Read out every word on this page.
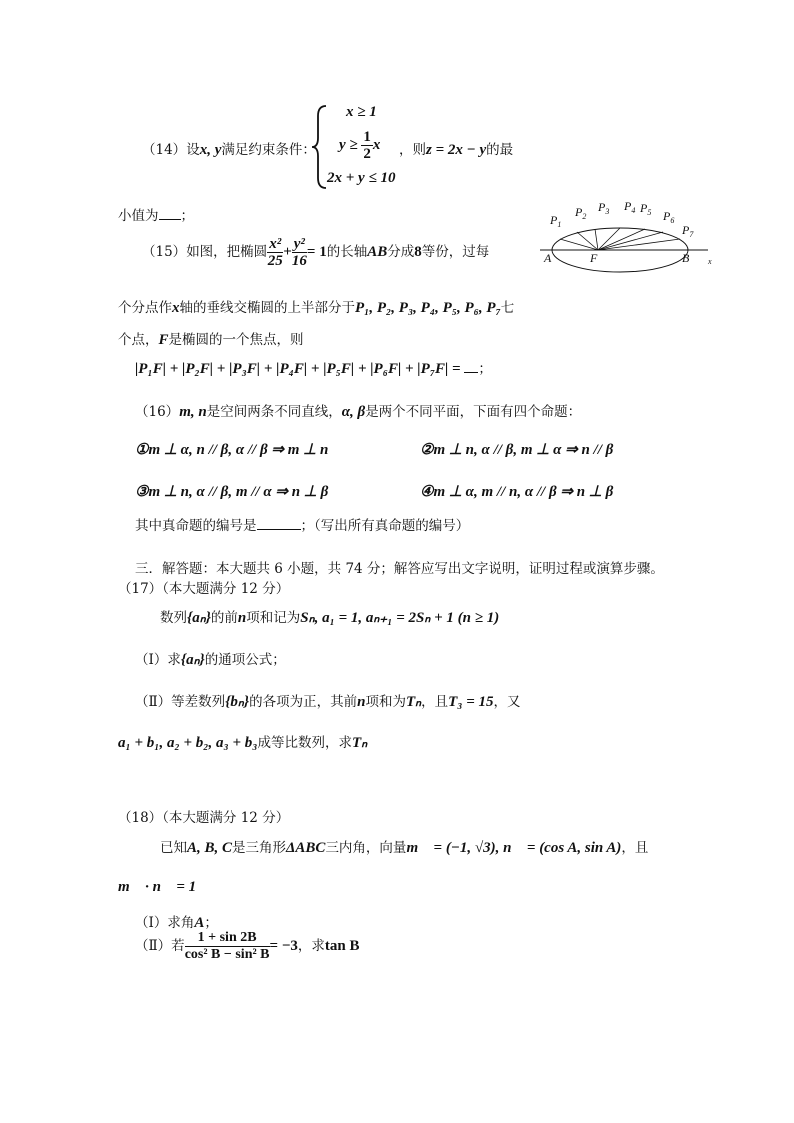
（14）设x, y满足约束条件：
x ≥ 1
$y \ge \frac{1}{2}$ x
2x + y ≤ 10
，则z = 2x − y的最
小值为 ；
（15）如图，把椭圆 $\frac{\text{x²}}{25} + \frac{\text{y²}}{16} = 1$的长轴AB分成8等份，过每
个分点作x轴的垂线交椭圆的上半部分于P₁, P₂, P₃, P₄, P₅, P₆, P₇七
个点，F是椭圆的一个焦点，则
|P₁F| + |P₂F| + |P₃F| + |P₄F| + |P₅F| + |P₆F| + |P₇F| = ；
$P_1$
$P_2$
$P_3$ $P_4$ $P_5$ $P_6$
$P_7$
A	F	B x
（16）m, n是空间两条不同直线，α, β是两个不同平面，下面有四个命题：
①m ⊥ α, n // β, α // β ⇒ m ⊥ n	②m ⊥ n, α // β, m ⊥ α ⇒ n // β
③m ⊥ n, α // β, m // α ⇒ n ⊥ β	④m ⊥ α, m // n, α // β ⇒ n ⊥ β
其中真命题的编号是	；（写出所有真命题的编号）
三．解答题：本大题共 6 小题，共 74 分；解答应写出文字说明，证明过程或演算步骤。
（17）（本大题满分 12 分）
数列{aₙ}的前n项和记为Sₙ, a₁ = 1, aₙ₊₁ = 2Sₙ + 1 (n ≥ 1)
（Ⅰ）求{aₙ}的通项公式；
（Ⅱ）等差数列{bₙ}的各项为正，其前n项和为Tₙ，且T₃ = 15，又
a₁ + b₁, a₂ + b₂, a₃ + b₃成等比数列，求Tₙ
（18）（本大题满分 12 分）
已知A, B, C是三角形ΔABC三内角，向量m⃗ = (−1, √3), n⃗ = (cos A, sin A)，且
m⃗ · n⃗ = 1
（Ⅰ）求角A；
（Ⅱ）若 $\frac{1 + \sin 2B}{\text{cos² B − sin² B}} = -3$，求tan B
